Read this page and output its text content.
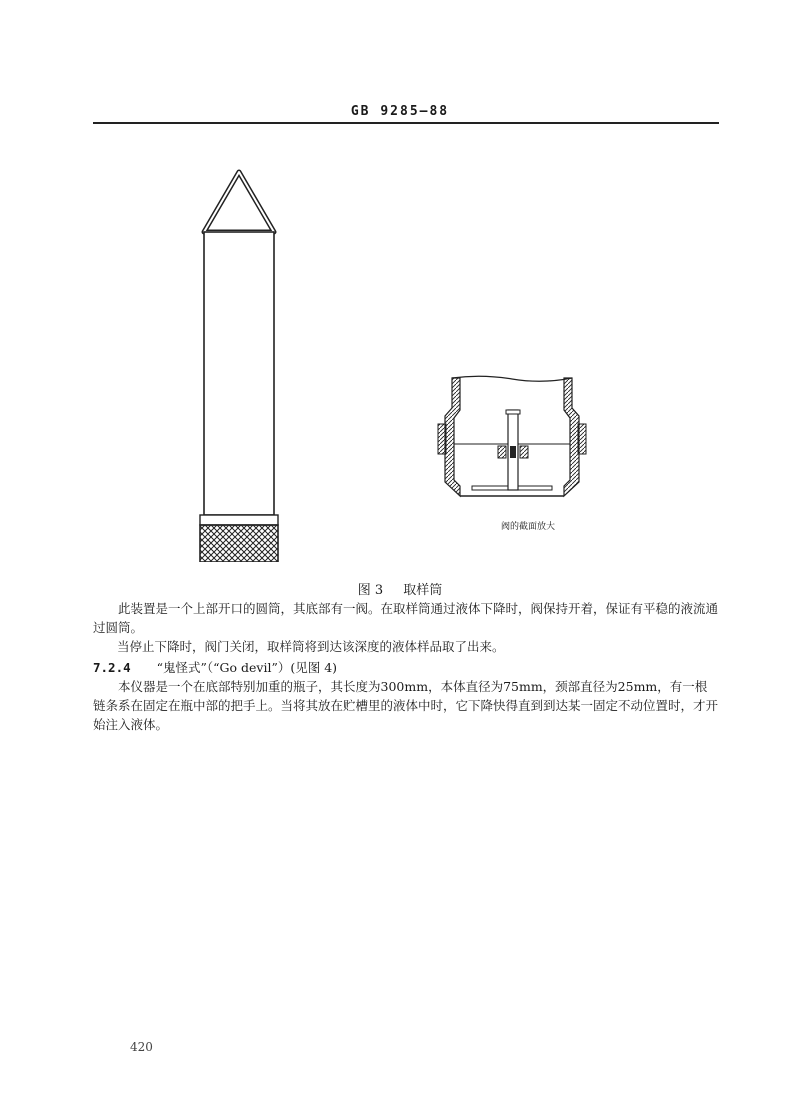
GB 9285—88
阀的截面放大
图 3 取样筒
此装置是一个上部开口的圆筒，其底部有一阀。在取样筒通过液体下降时，阀保持开着，保证有平稳的液流通过圆筒。
当停止下降时，阀门关闭，取样筒将到达该深度的液体样品取了出来。
7.2.4 “鬼怪式”（“Go devil”）(见图 4)
本仪器是一个在底部特别加重的瓶子，其长度为300mm，本体直径为75mm，颈部直径为25mm，有一根链条系在固定在瓶中部的把手上。当将其放在贮槽里的液体中时，它下降快得直到到达某一固定不动位置时，才开始注入液体。
420
